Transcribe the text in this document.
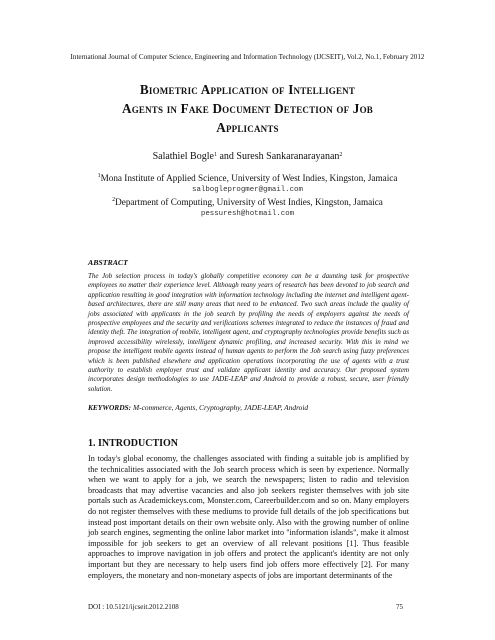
International Journal of Computer Science, Engineering and Information Technology (IJCSEIT), Vol.2, No.1, February 2012
Biometric Application of Intelligent
Agents in Fake Document Detection of Job
Applicants
Salathiel Bogle$^1$ and Suresh Sankaranarayanan$^2$
$^1$Mona Institute of Applied Science, University of West Indies, Kingston, Jamaica
salbogleprogmer@gmail.com
$^2$Department of Computing, University of West Indies, Kingston, Jamaica
pessuresh@hotmail.com
ABSTRACT
The Job selection process in today's globally competitive economy can be a daunting task for prospective employees no matter their experience level. Although many years of research has been devoted to job search and application resulting in good integration with information technology including the internet and intelligent agent-based architectures, there are still many areas that need to be enhanced. Two such areas include the quality of jobs associated with applicants in the job search by profiling the needs of employers against the needs of prospective employees and the security and verifications schemes integrated to reduce the instances of fraud and identity theft. The integration of mobile, intelligent agent, and cryptography technologies provide benefits such as improved accessibility wirelessly, intelligent dynamic profiling, and increased security. With this in mind we propose the intelligent mobile agents instead of human agents to perform the Job search using fuzzy preferences which is been published elsewhere and application operations incorporating the use of agents with a trust authority to establish employer trust and validate applicant identity and accuracy. Our proposed system incorporates design methodologies to use JADE-LEAP and Android to provide a robust, secure, user friendly solution.
KEYWORDS: M-commerce, Agents, Cryptography, JADE-LEAP, Android
1. INTRODUCTION
In today's global economy, the challenges associated with finding a suitable job is amplified by the technicalities associated with the Job search process which is seen by experience. Normally when we want to apply for a job, we search the newspapers; listen to radio and television broadcasts that may advertise vacancies and also job seekers register themselves with job site portals such as Academickeys.com, Monster.com, Careerbuilder.com and so on. Many employers do not register themselves with these mediums to provide full details of the job specifications but instead post important details on their own website only. Also with the growing number of online job search engines, segmenting the online labor market into "information islands", make it almost impossible for job seekers to get an overview of all relevant positions [1]. Thus feasible approaches to improve navigation in job offers and protect the applicant's identity are not only important but they are necessary to help users find job offers more effectively [2]. For many employers, the monetary and non-monetary aspects of jobs are important determinants of the
DOI : 10.5121/ijcseit.2012.2108	75
